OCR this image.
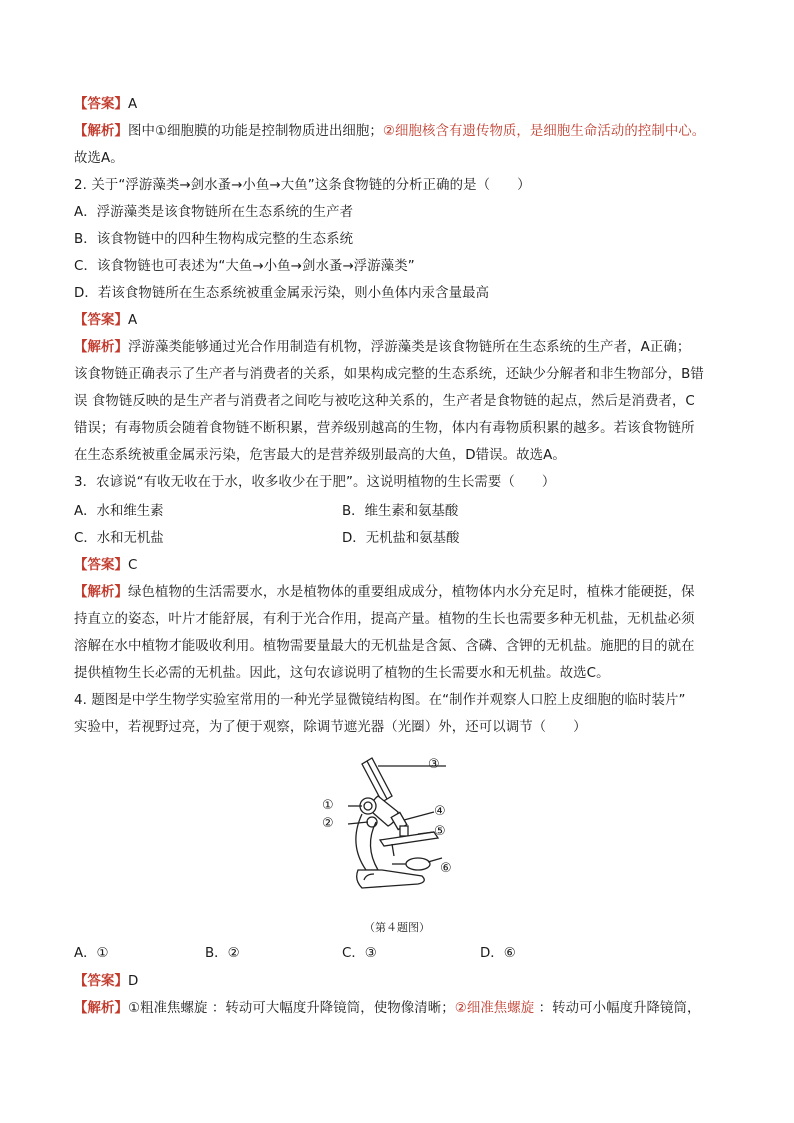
【答案】A
【解析】图中①细胞膜的功能是控制物质进出细胞；②细胞核含有遗传物质，是细胞生命活动的控制中心。
故选A。
2. 关于“浮游藻类→剑水蚤→小鱼→大鱼”这条食物链的分析正确的是（　　）
A．浮游藻类是该食物链所在生态系统的生产者
B．该食物链中的四种生物构成完整的生态系统
C．该食物链也可表述为“大鱼→小鱼→剑水蚤→浮游藻类”
D．若该食物链所在生态系统被重金属汞污染，则小鱼体内汞含量最高
【答案】A
【解析】浮游藻类能够通过光合作用制造有机物，浮游藻类是该食物链所在生态系统的生产者，A正确；
该食物链正确表示了生产者与消费者的关系，如果构成完整的生态系统，还缺少分解者和非生物部分，B错
误 食物链反映的是生产者与消费者之间吃与被吃这种关系的，生产者是食物链的起点，然后是消费者，C
错误；有毒物质会随着食物链不断积累，营养级别越高的生物，体内有毒物质积累的越多。若该食物链所
在生态系统被重金属汞污染，危害最大的是营养级别最高的大鱼，D错误。故选A。
3．农谚说“有收无收在于水，收多收少在于肥”。这说明植物的生长需要（　　）
A．水和维生素	B．维生素和氨基酸
C．水和无机盐	D．无机盐和氨基酸
【答案】C
【解析】绿色植物的生活需要水，水是植物体的重要组成成分，植物体内水分充足时，植株才能硬挺，保
持直立的姿态，叶片才能舒展，有利于光合作用，提高产量。植物的生长也需要多种无机盐，无机盐必须
溶解在水中植物才能吸收利用。植物需要量最大的无机盐是含氮、含磷、含钾的无机盐。施肥的目的就在
提供植物生长必需的无机盐。因此，这句农谚说明了植物的生长需要水和无机盐。故选C。
4. 题图是中学生物学实验室常用的一种光学显微镜结构图。在“制作并观察人口腔上皮细胞的临时装片”
实验中，若视野过亮，为了便于观察，除调节遮光器（光圈）外，还可以调节（　　）
③
①
②
④
⑤
⑥
（第４题图）
A．①	B．②	C．③	D．⑥
【答案】D
【解析】①粗准焦螺旋 ：转动可大幅度升降镜筒，使物像清晰；②细准焦螺旋 ：转动可小幅度升降镜筒，
